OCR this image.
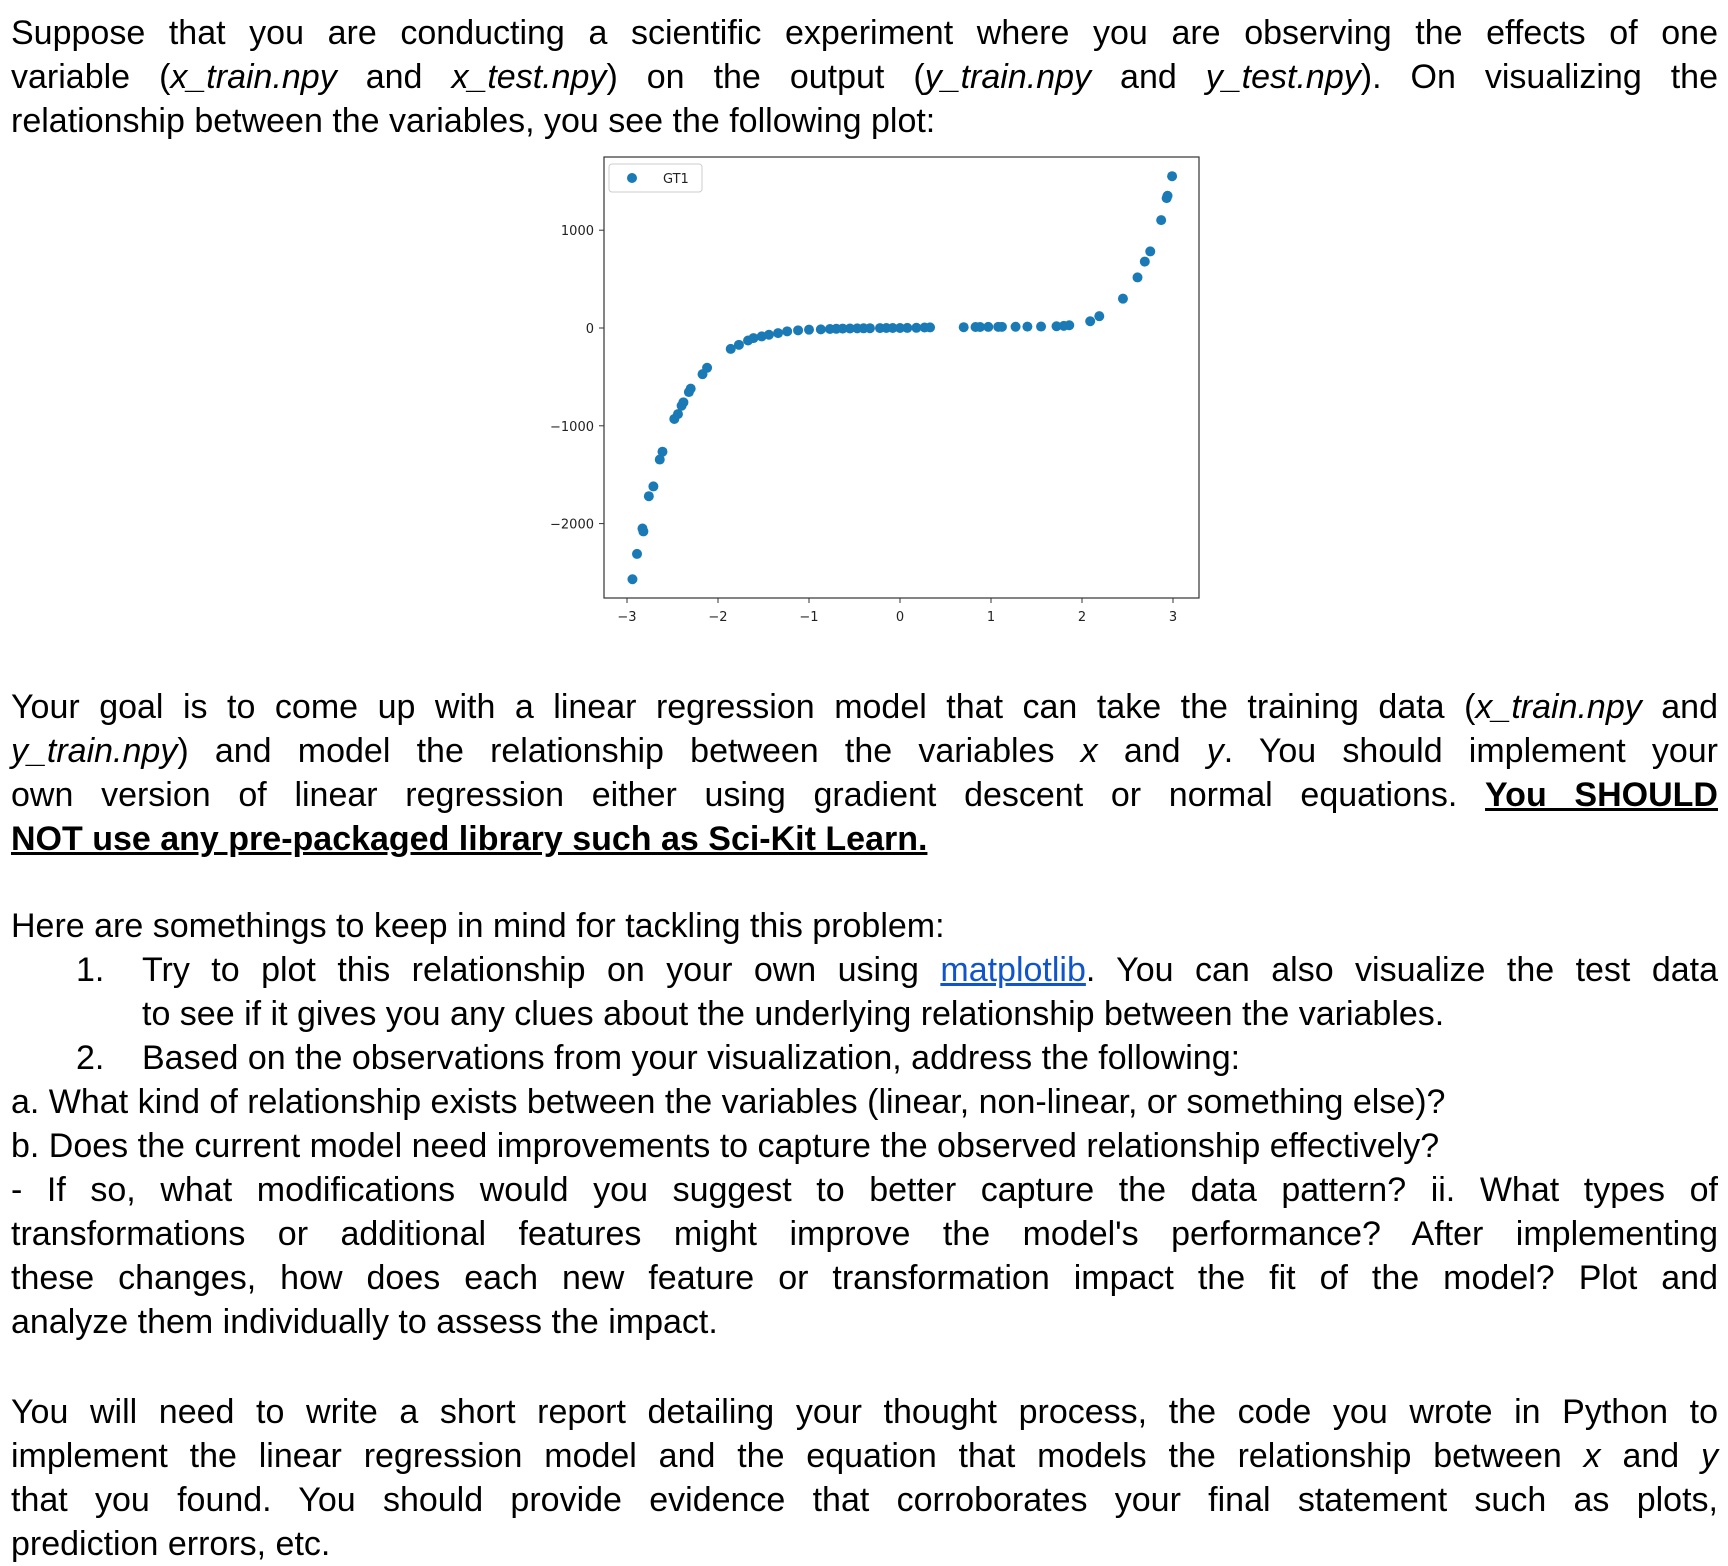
Suppose that you are conducting a scientific experiment where you are observing the effects of one
variable (x_train.npy and x_test.npy) on the output (y_train.npy and y_test.npy). On visualizing the
relationship between the variables, you see the following plot:
−3	−2	−1	0	1	2	3
1000
0
−1000
−2000
GT1
Your goal is to come up with a linear regression model that can take the training data (x_train.npy and
y_train.npy) and model the relationship between the variables x and y. You should implement your
own version of linear regression either using gradient descent or normal equations. You SHOULD
NOT use any pre-packaged library such as Sci-Kit Learn.
Here are somethings to keep in mind for tackling this problem:
1. Try to plot this relationship on your own using matplotlib. You can also visualize the test data
to see if it gives you any clues about the underlying relationship between the variables.
2. Based on the observations from your visualization, address the following:
a. What kind of relationship exists between the variables (linear, non-linear, or something else)?
b. Does the current model need improvements to capture the observed relationship effectively?
- If so, what modifications would you suggest to better capture the data pattern? ii. What types of
transformations or additional features might improve the model's performance? After implementing
these changes, how does each new feature or transformation impact the fit of the model? Plot and
analyze them individually to assess the impact.
You will need to write a short report detailing your thought process, the code you wrote in Python to
implement the linear regression model and the equation that models the relationship between x and y
that you found. You should provide evidence that corroborates your final statement such as plots,
prediction errors, etc.
